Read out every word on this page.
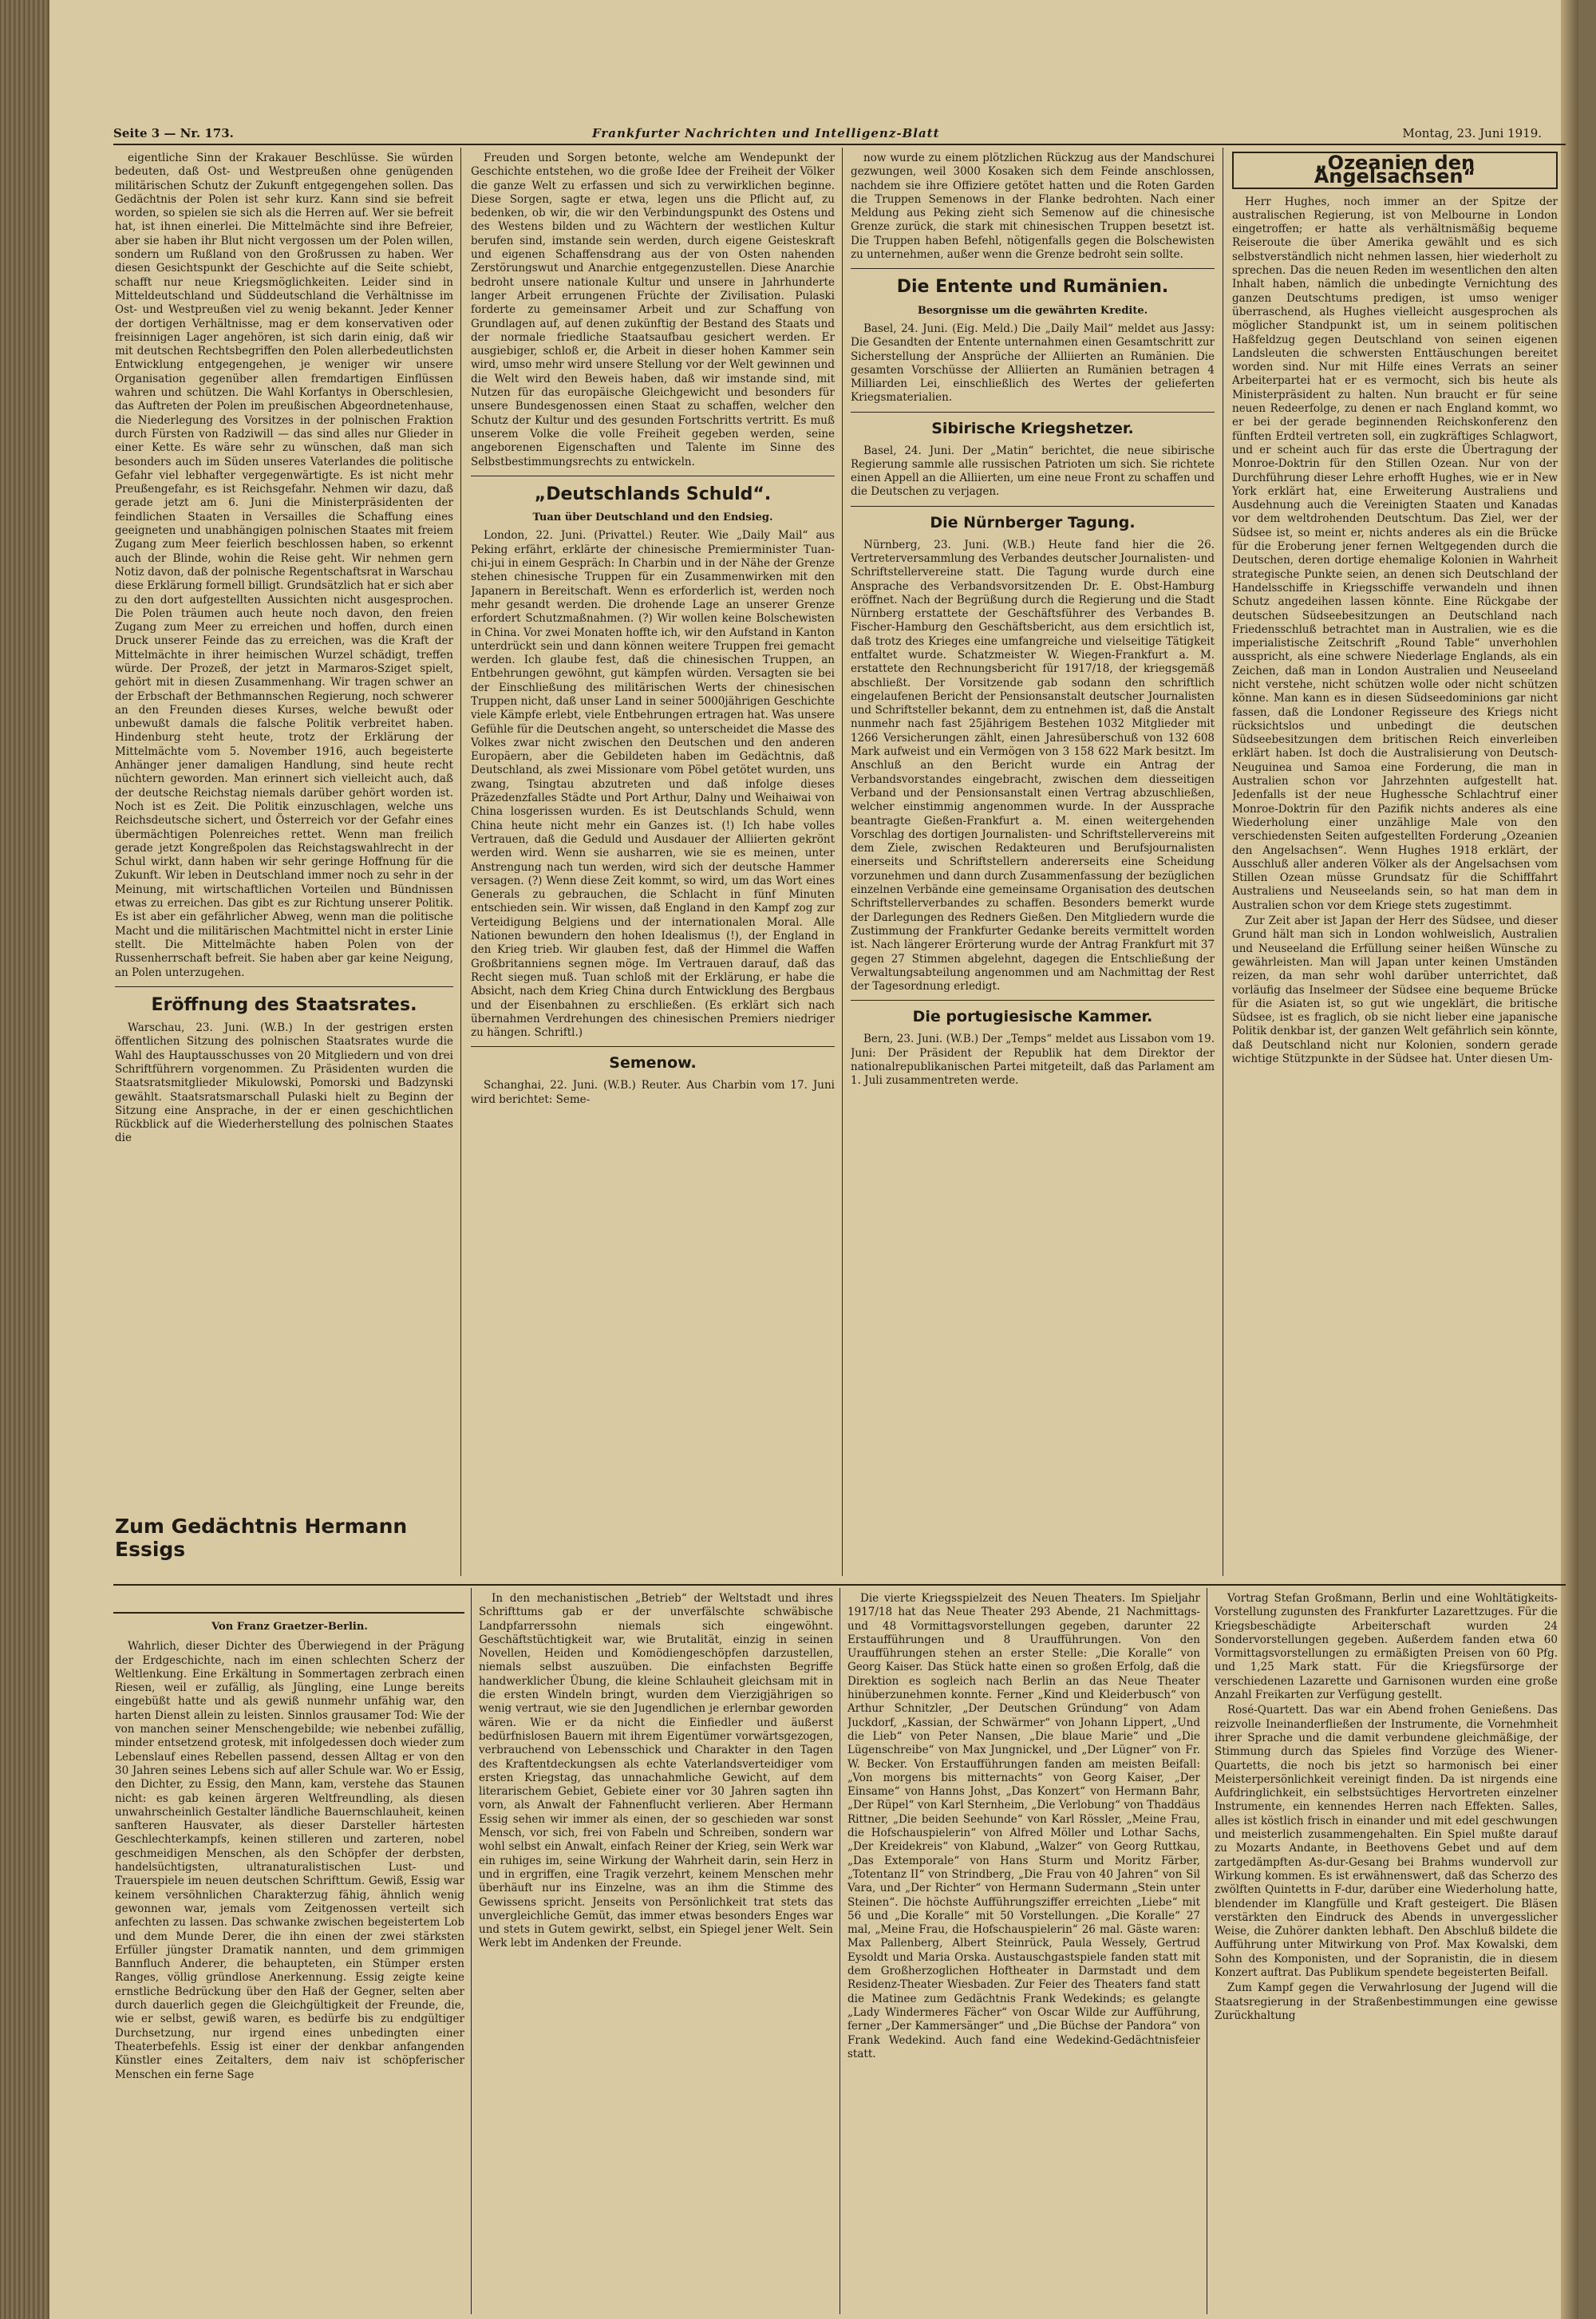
Seite 3 — Nr. 173.	Frankfurter Nachrichten und Intelligenz-Blatt	Montag, 23. Juni 1919.

eigentliche Sinn der Krakauer Beschlüsse. Sie würden bedeuten, daß Ost- und Westpreußen ohne genügenden militärischen Schutz der Zukunft entgegengehen sollen. Das Gedächtnis der Polen ist sehr kurz. Kann sind sie befreit worden, so spielen sie sich als die Herren auf. Wer sie befreit hat, ist ihnen einerlei. Die Mittelmächte sind ihre Befreier, aber sie haben ihr Blut nicht vergossen um der Polen willen, sondern um Rußland von den Großrussen zu haben. Wer diesen Gesichtspunkt der Geschichte auf die Seite schiebt, schafft nur neue Kriegsmöglichkeiten. Leider sind in Mitteldeutschland und Süddeutschland die Verhältnisse im Ost- und Westpreußen viel zu wenig bekannt. Jeder Kenner der dortigen Verhältnisse, mag er dem konservativen oder freisinnigen Lager angehören, ist sich darin einig, daß wir mit deutschen Rechtsbegriffen den Polen allerbedeutlichsten Entwicklung entgegengehen, je weniger wir unsere Organisation gegenüber allen fremdartigen Einflüssen wahren und schützen. Die Wahl Korfantys in Oberschlesien, das Auftreten der Polen im preußischen Abgeordnetenhause, die Niederlegung des Vorsitzes in der polnischen Fraktion durch Fürsten von Radziwill — das sind alles nur Glieder in einer Kette. Es wäre sehr zu wünschen, daß man sich besonders auch im Süden unseres Vaterlandes die politische Gefahr viel lebhafter vergegenwärtigte. Es ist nicht mehr Preußengefahr, es ist Reichsgefahr. Nehmen wir dazu, daß gerade jetzt am 6. Juni die Ministerpräsidenten der feindlichen Staaten in Versailles die Schaffung eines geeigneten und unabhängigen polnischen Staates mit freiem Zugang zum Meer feierlich beschlossen haben, so erkennt auch der Blinde, wohin die Reise geht. Wir nehmen gern Notiz davon, daß der polnische Regentschaftsrat in Warschau diese Erklärung formell billigt. Grundsätzlich hat er sich aber zu den dort aufgestellten Aussichten nicht ausgesprochen. Die Polen träumen auch heute noch davon, den freien Zugang zum Meer zu erreichen und hoffen, durch einen Druck unserer Feinde das zu erreichen, was die Kraft der Mittelmächte in ihrer heimischen Wurzel schädigt, treffen würde. Der Prozeß, der jetzt in Marmaros-Sziget spielt, gehört mit in diesen Zusammenhang. Wir tragen schwer an der Erbschaft der Bethmannschen Regierung, noch schwerer an den Freunden dieses Kurses, welche bewußt oder unbewußt damals die falsche Politik verbreitet haben. Hindenburg steht heute, trotz der Erklärung der Mittelmächte vom 5. November 1916, auch begeisterte Anhänger jener damaligen Handlung, sind heute recht nüchtern geworden. Man erinnert sich vielleicht auch, daß der deutsche Reichstag niemals darüber gehört worden ist. Noch ist es Zeit. Die Politik einzuschlagen, welche uns Reichsdeutsche sichert, und Österreich vor der Gefahr eines übermächtigen Polenreiches rettet. Wenn man freilich gerade jetzt Kongreßpolen das Reichstagswahlrecht in der Schul wirkt, dann haben wir sehr geringe Hoffnung für die Zukunft. Wir leben in Deutschland immer noch zu sehr in der Meinung, mit wirtschaftlichen Vorteilen und Bündnissen etwas zu erreichen. Das gibt es zur Richtung unserer Politik. Es ist aber ein gefährlicher Abweg, wenn man die politische Macht und die militärischen Machtmittel nicht in erster Linie stellt. Die Mittelmächte haben Polen von der Russenherrschaft befreit. Sie haben aber gar keine Neigung, an Polen unterzugehen.

Eröffnung des Staatsrates.

Warschau, 23. Juni. (W.B.) In der gestrigen ersten öffentlichen Sitzung des polnischen Staatsrates wurde die Wahl des Hauptausschusses von 20 Mitgliedern und von drei Schriftführern vorgenommen. Zu Präsidenten wurden die Staatsratsmitglieder Mikulowski, Pomorski und Badzynski gewählt. Staatsratsmarschall Pulaski hielt zu Beginn der Sitzung eine Ansprache, in der er einen geschichtlichen Rückblick auf die Wiederherstellung des polnischen Staates die

Freuden und Sorgen betonte, welche am Wendepunkt der Geschichte entstehen, wo die große Idee der Freiheit der Völker die ganze Welt zu erfassen und sich zu verwirklichen beginne. Diese Sorgen, sagte er etwa, legen uns die Pflicht auf, zu bedenken, ob wir, die wir den Verbindungspunkt des Ostens und des Westens bilden und zu Wächtern der westlichen Kultur berufen sind, imstande sein werden, durch eigene Geisteskraft und eigenen Schaffensdrang aus der von Osten nahenden Zerstörungswut und Anarchie entgegenzustellen. Diese Anarchie bedroht unsere nationale Kultur und unsere in Jahrhunderte langer Arbeit errungenen Früchte der Zivilisation. Pulaski forderte zu gemeinsamer Arbeit und zur Schaffung von Grundlagen auf, auf denen zukünftig der Bestand des Staats und der normale friedliche Staatsaufbau gesichert werden. Er ausgiebiger, schloß er, die Arbeit in dieser hohen Kammer sein wird, umso mehr wird unsere Stellung vor der Welt gewinnen und die Welt wird den Beweis haben, daß wir imstande sind, mit Nutzen für das europäische Gleichgewicht und besonders für unsere Bundesgenossen einen Staat zu schaffen, welcher den Schutz der Kultur und des gesunden Fortschritts vertritt. Es muß unserem Volke die volle Freiheit gegeben werden, seine angeborenen Eigenschaften und Talente im Sinne des Selbstbestimmungsrechts zu entwickeln.

„Deutschlands Schuld“.
Tuan über Deutschland und den Endsieg.

London, 22. Juni. (Privattel.) Reuter. Wie „Daily Mail“ aus Peking erfährt, erklärte der chinesische Premierminister Tuan-chi-jui in einem Gespräch: In Charbin und in der Nähe der Grenze stehen chinesische Truppen für ein Zusammenwirken mit den Japanern in Bereitschaft. Wenn es erforderlich ist, werden noch mehr gesandt werden. Die drohende Lage an unserer Grenze erfordert Schutzmaßnahmen. (?) Wir wollen keine Bolschewisten in China. Vor zwei Monaten hoffte ich, wir den Aufstand in Kanton unterdrückt sein und dann können weitere Truppen frei gemacht werden. Ich glaube fest, daß die chinesischen Truppen, an Entbehrungen gewöhnt, gut kämpfen würden. Versagten sie bei der Einschließung des militärischen Werts der chinesischen Truppen nicht, daß unser Land in seiner 5000jährigen Geschichte viele Kämpfe erlebt, viele Entbehrungen ertragen hat. Was unsere Gefühle für die Deutschen angeht, so unterscheidet die Masse des Volkes zwar nicht zwischen den Deutschen und den anderen Europäern, aber die Gebildeten haben im Gedächtnis, daß Deutschland, als zwei Missionare vom Pöbel getötet wurden, uns zwang, Tsingtau abzutreten und daß infolge dieses Präzedenzfalles Städte und Port Arthur, Dalny und Weihaiwai von China losgerissen wurden. Es ist Deutschlands Schuld, wenn China heute nicht mehr ein Ganzes ist. (!) Ich habe volles Vertrauen, daß die Geduld und Ausdauer der Alliierten gekrönt werden wird. Wenn sie ausharren, wie sie es meinen, unter Anstrengung nach tun werden, wird sich der deutsche Hammer versagen. (?) Wenn diese Zeit kommt, so wird, um das Wort eines Generals zu gebrauchen, die Schlacht in fünf Minuten entschieden sein. Wir wissen, daß England in den Kampf zog zur Verteidigung Belgiens und der internationalen Moral. Alle Nationen bewundern den hohen Idealismus (!), der England in den Krieg trieb. Wir glauben fest, daß der Himmel die Waffen Großbritanniens segnen möge. Im Vertrauen darauf, daß das Recht siegen muß. Tuan schloß mit der Erklärung, er habe die Absicht, nach dem Krieg China durch Entwicklung des Bergbaus und der Eisenbahnen zu erschließen. (Es erklärt sich nach übernahmen Verdrehungen des chinesischen Premiers niedriger zu hängen. Schriftl.)

Semenow.

Schanghai, 22. Juni. (W.B.) Reuter. Aus Charbin vom 17. Juni wird berichtet: Seme-

now wurde zu einem plötzlichen Rückzug aus der Mandschurei gezwungen, weil 3000 Kosaken sich dem Feinde anschlossen, nachdem sie ihre Offiziere getötet hatten und die Roten Garden die Truppen Semenows in der Flanke bedrohten. Nach einer Meldung aus Peking zieht sich Semenow auf die chinesische Grenze zurück, die stark mit chinesischen Truppen besetzt ist. Die Truppen haben Befehl, nötigenfalls gegen die Bolschewisten zu unternehmen, außer wenn die Grenze bedroht sein sollte.

Die Entente und Rumänien.
Besorgnisse um die gewährten Kredite.

Basel, 24. Juni. (Eig. Meld.) Die „Daily Mail“ meldet aus Jassy: Die Gesandten der Entente unternahmen einen Gesamtschritt zur Sicherstellung der Ansprüche der Alliierten an Rumänien. Die gesamten Vorschüsse der Alliierten an Rumänien betragen 4 Milliarden Lei, einschließlich des Wertes der gelieferten Kriegsmaterialien.

Sibirische Kriegshetzer.

Basel, 24. Juni. Der „Matin“ berichtet, die neue sibirische Regierung sammle alle russischen Patrioten um sich. Sie richtete einen Appell an die Alliierten, um eine neue Front zu schaffen und die Deutschen zu verjagen.

Die Nürnberger Tagung.

Nürnberg, 23. Juni. (W.B.) Heute fand hier die 26. Vertreterversammlung des Verbandes deutscher Journalisten- und Schriftstellervereine statt. Die Tagung wurde durch eine Ansprache des Verbandsvorsitzenden Dr. E. Obst-Hamburg eröffnet. Nach der Begrüßung durch die Regierung und die Stadt Nürnberg erstattete der Geschäftsführer des Verbandes B. Fischer-Hamburg den Geschäftsbericht, aus dem ersichtlich ist, daß trotz des Krieges eine umfangreiche und vielseitige Tätigkeit entfaltet wurde. Schatzmeister W. Wiegen-Frankfurt a. M. erstattete den Rechnungsbericht für 1917/18, der kriegsgemäß abschließt. Der Vorsitzende gab sodann den schriftlich eingelaufenen Bericht der Pensionsanstalt deutscher Journalisten und Schriftsteller bekannt, dem zu entnehmen ist, daß die Anstalt nunmehr nach fast 25jährigem Bestehen 1032 Mitglieder mit 1266 Versicherungen zählt, einen Jahresüberschuß von 132 608 Mark aufweist und ein Vermögen von 3 158 622 Mark besitzt. Im Anschluß an den Bericht wurde ein Antrag der Verbandsvorstandes eingebracht, zwischen dem diesseitigen Verband und der Pensionsanstalt einen Vertrag abzuschließen, welcher einstimmig angenommen wurde. In der Aussprache beantragte Gießen-Frankfurt a. M. einen weitergehenden Vorschlag des dortigen Journalisten- und Schriftstellervereins mit dem Ziele, zwischen Redakteuren und Berufsjournalisten einerseits und Schriftstellern andererseits eine Scheidung vorzunehmen und dann durch Zusammenfassung der bezüglichen einzelnen Verbände eine gemeinsame Organisation des deutschen Schriftstellerverbandes zu schaffen. Besonders bemerkt wurde der Darlegungen des Redners Gießen. Den Mitgliedern wurde die Zustimmung der Frankfurter Gedanke bereits vermittelt worden ist. Nach längerer Erörterung wurde der Antrag Frankfurt mit 37 gegen 27 Stimmen abgelehnt, dagegen die Entschließung der Verwaltungsabteilung angenommen und am Nachmittag der Rest der Tagesordnung erledigt.

Die portugiesische Kammer.

Bern, 23. Juni. (W.B.) Der „Temps“ meldet aus Lissabon vom 19. Juni: Der Präsident der Republik hat dem Direktor der nationalrepublikanischen Partei mitgeteilt, daß das Parlament am 1. Juli zusammentreten werde.

„Ozeanien den Angelsachsen“

Herr Hughes, noch immer an der Spitze der australischen Regierung, ist von Melbourne in London eingetroffen; er hatte als verhältnismäßig bequeme Reiseroute die über Amerika gewählt und es sich selbstverständlich nicht nehmen lassen, hier wiederholt zu sprechen. Das die neuen Reden im wesentlichen den alten Inhalt haben, nämlich die unbedingte Vernichtung des ganzen Deutschtums predigen, ist umso weniger überraschend, als Hughes vielleicht ausgesprochen als möglicher Standpunkt ist, um in seinem politischen Haßfeldzug gegen Deutschland von seinen eigenen Landsleuten die schwersten Enttäuschungen bereitet worden sind. Nur mit Hilfe eines Verrats an seiner Arbeiterpartei hat er es vermocht, sich bis heute als Ministerpräsident zu halten. Nun braucht er für seine neuen Redeerfolge, zu denen er nach England kommt, wo er bei der gerade beginnenden Reichskonferenz den fünften Erdteil vertreten soll, ein zugkräftiges Schlagwort, und er scheint auch für das erste die Übertragung der Monroe-Doktrin für den Stillen Ozean. Nur von der Durchführung dieser Lehre erhofft Hughes, wie er in New York erklärt hat, eine Erweiterung Australiens und Ausdehnung auch die Vereinigten Staaten und Kanadas vor dem weltdrohenden Deutschtum. Das Ziel, wer der Südsee ist, so meint er, nichts anderes als ein die Brücke für die Eroberung jener fernen Weltgegenden durch die Deutschen, deren dortige ehemalige Kolonien in Wahrheit strategische Punkte seien, an denen sich Deutschland der Handelsschiffe in Kriegsschiffe verwandeln und ihnen Schutz angedeihen lassen könnte. Eine Rückgabe der deutschen Südseebesitzungen an Deutschland nach Friedensschluß betrachtet man in Australien, wie es die imperialistische Zeitschrift „Round Table“ unverhohlen ausspricht, als eine schwere Niederlage Englands, als ein Zeichen, daß man in London Australien und Neuseeland nicht verstehe, nicht schützen wolle oder nicht schützen könne. Man kann es in diesen Südseedominions gar nicht fassen, daß die Londoner Regisseure des Kriegs nicht rücksichtslos und unbedingt die deutschen Südseebesitzungen dem britischen Reich einverleiben erklärt haben. Ist doch die Australisierung von Deutsch-Neuguinea und Samoa eine Forderung, die man in Australien schon vor Jahrzehnten aufgestellt hat. Jedenfalls ist der neue Hughessche Schlachtruf einer Monroe-Doktrin für den Pazifik nichts anderes als eine Wiederholung einer unzählige Male von den verschiedensten Seiten aufgestellten Forderung „Ozeanien den Angelsachsen“. Wenn Hughes 1918 erklärt, der Ausschluß aller anderen Völker als der Angelsachsen vom Stillen Ozean müsse Grundsatz für die Schifffahrt Australiens und Neuseelands sein, so hat man dem in Australien schon vor dem Kriege stets zugestimmt.

Zur Zeit aber ist Japan der Herr des Südsee, und dieser Grund hält man sich in London wohlweislich, Australien und Neuseeland die Erfüllung seiner heißen Wünsche zu gewährleisten. Man will Japan unter keinen Umständen reizen, da man sehr wohl darüber unterrichtet, daß vorläufig das Inselmeer der Südsee eine bequeme Brücke für die Asiaten ist, so gut wie ungeklärt, die britische Südsee, ist es fraglich, ob sie nicht lieber eine japanische Politik denkbar ist, der ganzen Welt gefährlich sein könnte, daß Deutschland nicht nur Kolonien, sondern gerade wichtige Stützpunkte in der Südsee hat. Unter diesen Um-

Zum Gedächtnis Hermann Essigs
Von Franz Graetzer-Berlin.

Wahrlich, dieser Dichter des Überwiegend in der Prägung der Erdgeschichte, nach im einen schlechten Scherz der Weltlenkung. Eine Erkältung in Sommertagen zerbrach einen Riesen, weil er zufällig, als Jüngling, eine Lunge bereits eingebüßt hatte und als gewiß nunmehr unfähig war, den harten Dienst allein zu leisten. Sinnlos grausamer Tod: Wie der von manchen seiner Menschengebilde; wie nebenbei zufällig, minder entsetzend grotesk, mit infolgedessen doch wieder zum Lebenslauf eines Rebellen passend, dessen Alltag er von den 30 Jahren seines Lebens sich auf aller Schule war. Wo er Essig, den Dichter, zu Essig, den Mann, kam, verstehe das Staunen nicht: es gab keinen ärgeren Weltfreundling, als diesen unwahrscheinlich Gestalter ländliche Bauernschlauheit, keinen sanfteren Hausvater, als dieser Darsteller härtesten Geschlechterkampfs, keinen stilleren und zarteren, nobel geschmeidigen Menschen, als den Schöpfer der derbsten, handelsüchtigsten, ultranaturalistischen Lust- und Trauerspiele im neuen deutschen Schrifttum. Gewiß, Essig war keinem versöhnlichen Charakterzug fähig, ähnlich wenig gewonnen war, jemals vom Zeitgenossen verteilt sich anfechten zu lassen. Das schwanke zwischen begeistertem Lob und dem Munde Derer, die ihn einen der zwei stärksten Erfüller jüngster Dramatik nannten, und dem grimmigen Bannfluch Anderer, die behaupteten, ein Stümper ersten Ranges, völlig gründlose Anerkennung. Essig zeigte keine ernstliche Bedrückung über den Haß der Gegner, selten aber durch dauerlich gegen die Gleichgültigkeit der Freunde, die, wie er selbst, gewiß waren, es bedürfe bis zu endgültiger Durchsetzung, nur irgend eines unbedingten einer Theaterbefehls. Essig ist einer der denkbar anfangenden Künstler eines Zeitalters, dem naiv ist schöpferischer Menschen ein ferne Sage

In den mechanistischen „Betrieb“ der Weltstadt und ihres Schrifttums gab er der unverfälschte schwäbische Landpfarrerssohn niemals sich eingewöhnt. Geschäftstüchtigkeit war, wie Brutalität, einzig in seinen Novellen, Heiden und Komödiengeschöpfen darzustellen, niemals selbst auszuüben. Die einfachsten Begriffe handwerklicher Übung, die kleine Schlauheit gleichsam mit in die ersten Windeln bringt, wurden dem Vierzigjährigen so wenig vertraut, wie sie den Jugendlichen je erlernbar geworden wären. Wie er da nicht die Einfiedler und äußerst bedürfnislosen Bauern mit ihrem Eigentümer vorwärtsgezogen, verbrauchend von Lebensschick und Charakter in den Tagen des Kraftentdeckungsen als echte Vaterlandsverteidiger vom ersten Kriegstag, das unnachahmliche Gewicht, auf dem literarischem Gebiet, Gebiete einer vor 30 Jahren sagten ihn vorn, als Anwalt der Fahnenflucht verlieren. Aber Hermann Essig sehen wir immer als einen, der so geschieden war sonst Mensch, vor sich, frei von Fabeln und Schreiben, sondern war wohl selbst ein Anwalt, einfach Reiner der Krieg, sein Werk war ein ruhiges im, seine Wirkung der Wahrheit darin, sein Herz in und in ergriffen, eine Tragik verzehrt, keinem Menschen mehr überhäuft nur ins Einzelne, was an ihm die Stimme des Gewissens spricht. Jenseits von Persönlichkeit trat stets das unvergleichliche Gemüt, das immer etwas besonders Enges war und stets in Gutem gewirkt, selbst, ein Spiegel jener Welt. Sein Werk lebt im Andenken der Freunde.

Die vierte Kriegsspielzeit des Neuen Theaters. Im Spieljahr 1917/18 hat das Neue Theater 293 Abende, 21 Nachmittags- und 48 Vormittagsvorstellungen gegeben, darunter 22 Erstaufführungen und 8 Uraufführungen. Von den Uraufführungen stehen an erster Stelle: „Die Koralle“ von Georg Kaiser. Das Stück hatte einen so großen Erfolg, daß die Direktion es sogleich nach Berlin an das Neue Theater hinüberzunehmen konnte. Ferner „Kind und Kleiderbusch“ von Arthur Schnitzler, „Der Deutschen Gründung“ von Adam Juckdorf, „Kassian, der Schwärmer“ von Johann Lippert, „Und die Lieb“ von Peter Nansen, „Die blaue Marie“ und „Die Lügenschreibe“ von Max Jungnickel, und „Der Lügner“ von Fr. W. Becker. Von Erstaufführungen fanden am meisten Beifall: „Von morgens bis mitternachts“ von Georg Kaiser, „Der Einsame“ von Hanns Johst, „Das Konzert“ von Hermann Bahr, „Der Rüpel“ von Karl Sternheim, „Die Verlobung“ von Thaddäus Rittner, „Die beiden Seehunde“ von Karl Rössler, „Meine Frau, die Hofschauspielerin“ von Alfred Möller und Lothar Sachs, „Der Kreidekreis“ von Klabund, „Walzer“ von Georg Ruttkau, „Das Extemporale“ von Hans Sturm und Moritz Färber, „Totentanz II“ von Strindberg, „Die Frau von 40 Jahren“ von Sil Vara, und „Der Richter“ von Hermann Sudermann „Stein unter Steinen“. Die höchste Aufführungsziffer erreichten „Liebe“ mit 56 und „Die Koralle“ mit 50 Vorstellungen. „Die Koralle“ 27 mal, „Meine Frau, die Hofschauspielerin“ 26 mal. Gäste waren: Max Pallenberg, Albert Steinrück, Paula Wessely, Gertrud Eysoldt und Maria Orska. Austauschgastspiele fanden statt mit dem Großherzoglichen Hoftheater in Darmstadt und dem Residenz-Theater Wiesbaden. Zur Feier des Theaters fand statt die Matinee zum Gedächtnis Frank Wedekinds; es gelangte „Lady Windermeres Fächer“ von Oscar Wilde zur Aufführung, ferner „Der Kammersänger“ und „Die Büchse der Pandora“ von Frank Wedekind. Auch fand eine Wedekind-Gedächtnisfeier statt.

Vortrag Stefan Großmann, Berlin und eine Wohltätigkeits-Vorstellung zugunsten des Frankfurter Lazarettzuges. Für die Kriegsbeschädigte Arbeiterschaft wurden 24 Sondervorstellungen gegeben. Außerdem fanden etwa 60 Vormittagsvorstellungen zu ermäßigten Preisen von 60 Pfg. und 1,25 Mark statt. Für die Kriegsfürsorge der verschiedenen Lazarette und Garnisonen wurden eine große Anzahl Freikarten zur Verfügung gestellt.

Rosé-Quartett. Das war ein Abend frohen Genießens. Das reizvolle Ineinanderfließen der Instrumente, die Vornehmheit ihrer Sprache und die damit verbundene gleichmäßige, der Stimmung durch das Spieles find Vorzüge des Wiener-Quartetts, die noch bis jetzt so harmonisch bei einer Meisterpersönlichkeit vereinigt finden. Da ist nirgends eine Aufdringlichkeit, ein selbstsüchtiges Hervortreten einzelner Instrumente, ein kennendes Herren nach Effekten. Salles, alles ist köstlich frisch in einander und mit edel geschwungen und meisterlich zusammengehalten. Ein Spiel mußte darauf zu Mozarts Andante, in Beethovens Gebet und auf dem zartgedämpften As-dur-Gesang bei Brahms wundervoll zur Wirkung kommen. Es ist erwähnenswert, daß das Scherzo des zwölften Quintetts in F-dur, darüber eine Wiederholung hatte, blendender im Klangfülle und Kraft gesteigert. Die Bläsen verstärkten den Eindruck des Abends in unvergesslicher Weise, die Zuhörer dankten lebhaft. Den Abschluß bildete die Aufführung unter Mitwirkung von Prof. Max Kowalski, dem Sohn des Komponisten, und der Sopranistin, die in diesem Konzert auftrat. Das Publikum spendete begeisterten Beifall.

Zum Kampf gegen die Verwahrlosung der Jugend will die Staatsregierung in der Straßenbestimmungen eine gewisse Zurückhaltung
